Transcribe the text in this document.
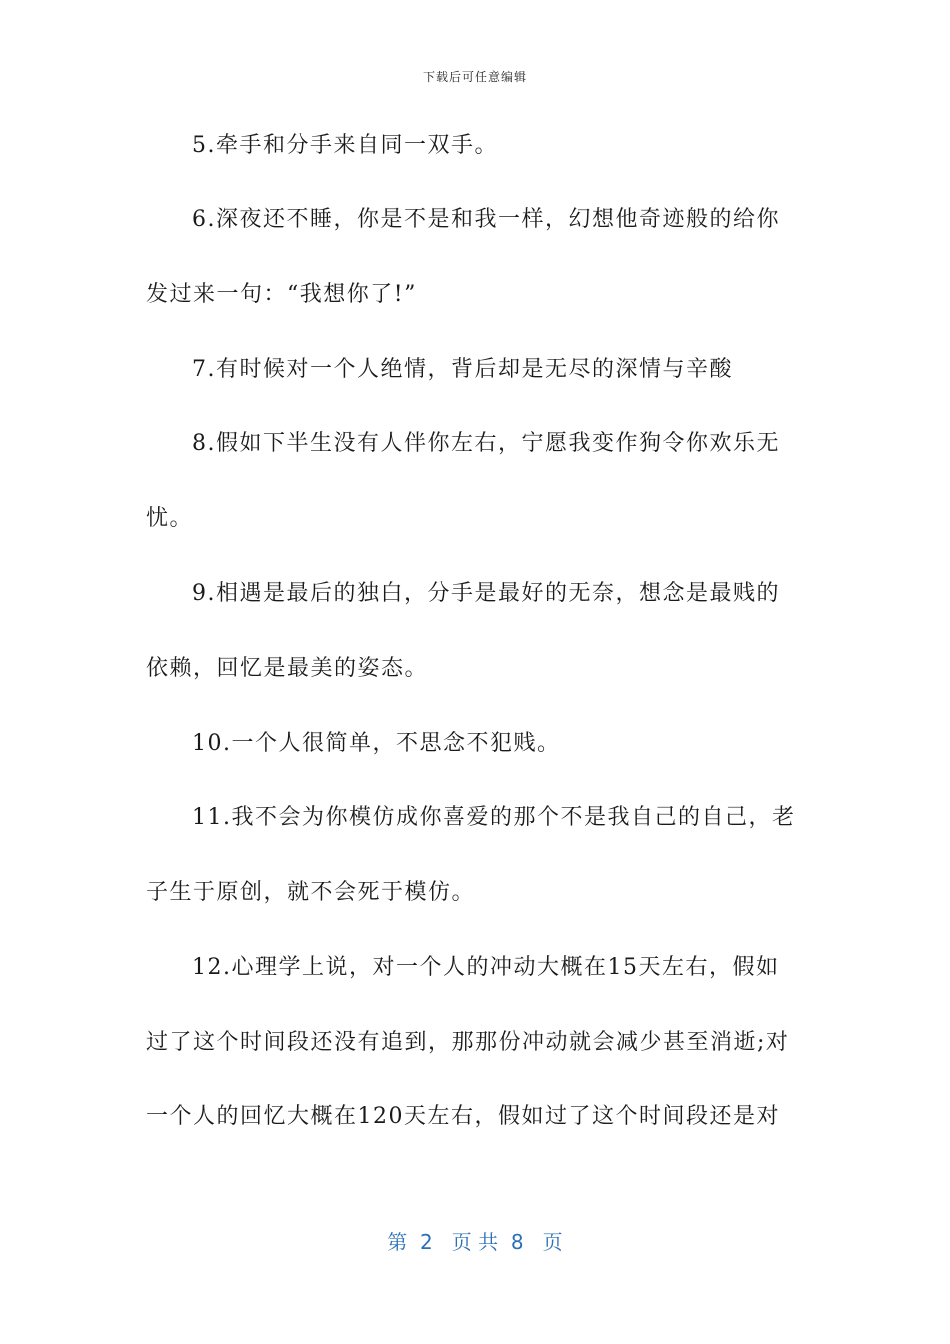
下载后可任意编辑
5.牵手和分手来自同一双手。
6.深夜还不睡，你是不是和我一样，幻想他奇迹般的给你
发过来一句：“我想你了!”
7.有时候对一个人绝情，背后却是无尽的深情与辛酸
8.假如下半生没有人伴你左右，宁愿我变作狗令你欢乐无
忧。
9.相遇是最后的独白，分手是最好的无奈，想念是最贱的
依赖，回忆是最美的姿态。
10.一个人很简单，不思念不犯贱。
11.我不会为你模仿成你喜爱的那个不是我自己的自己，老
子生于原创，就不会死于模仿。
12.心理学上说，对一个人的冲动大概在15天左右，假如
过了这个时间段还没有追到，那那份冲动就会减少甚至消逝;对
一个人的回忆大概在120天左右，假如过了这个时间段还是对
第  2   页 共  8   页
